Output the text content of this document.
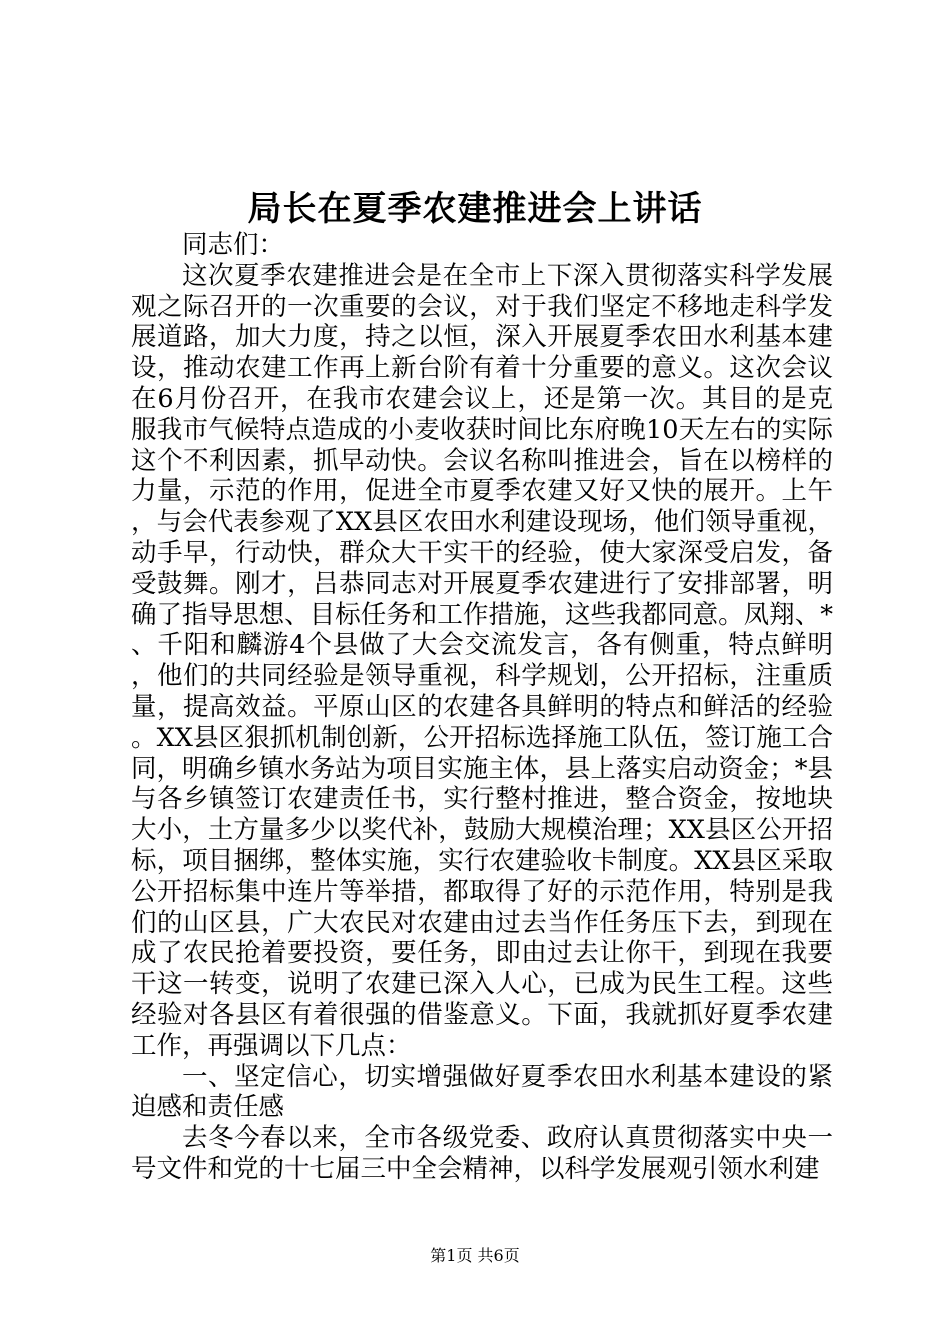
局长在夏季农建推进会上讲话

同志们：

这次夏季农建推进会是在全市上下深入贯彻落实科学发展观之际召开的一次重要的会议，对于我们坚定不移地走科学发展道路，加大力度，持之以恒，深入开展夏季农田水利基本建设，推动农建工作再上新台阶有着十分重要的意义。这次会议在6月份召开，在我市农建会议上，还是第一次。其目的是克服我市气候特点造成的小麦收获时间比东府晚10天左右的实际这个不利因素，抓早动快。会议名称叫推进会，旨在以榜样的力量，示范的作用，促进全市夏季农建又好又快的展开。上午，与会代表参观了XX县区农田水利建设现场，他们领导重视，动手早，行动快，群众大干实干的经验，使大家深受启发，备受鼓舞。刚才，吕恭同志对开展夏季农建进行了安排部署，明确了指导思想、目标任务和工作措施，这些我都同意。凤翔、*、千阳和麟游4个县做了大会交流发言，各有侧重，特点鲜明，他们的共同经验是领导重视，科学规划，公开招标，注重质量，提高效益。平原山区的农建各具鲜明的特点和鲜活的经验。XX县区狠抓机制创新，公开招标选择施工队伍，签订施工合同，明确乡镇水务站为项目实施主体，县上落实启动资金；*县与各乡镇签订农建责任书，实行整村推进，整合资金，按地块大小，土方量多少以奖代补，鼓励大规模治理；XX县区公开招标，项目捆绑，整体实施，实行农建验收卡制度。XX县区采取公开招标集中连片等举措，都取得了好的示范作用，特别是我们的山区县，广大农民对农建由过去当作任务压下去，到现在成了农民抢着要投资，要任务，即由过去让你干，到现在我要干这一转变，说明了农建已深入人心，已成为民生工程。这些经验对各县区有着很强的借鉴意义。下面，我就抓好夏季农建工作，再强调以下几点：

一、坚定信心，切实增强做好夏季农田水利基本建设的紧迫感和责任感

去冬今春以来，全市各级党委、政府认真贯彻落实中央一号文件和党的十七届三中全会精神，以科学发展观引领水利建

第1页 共6页
